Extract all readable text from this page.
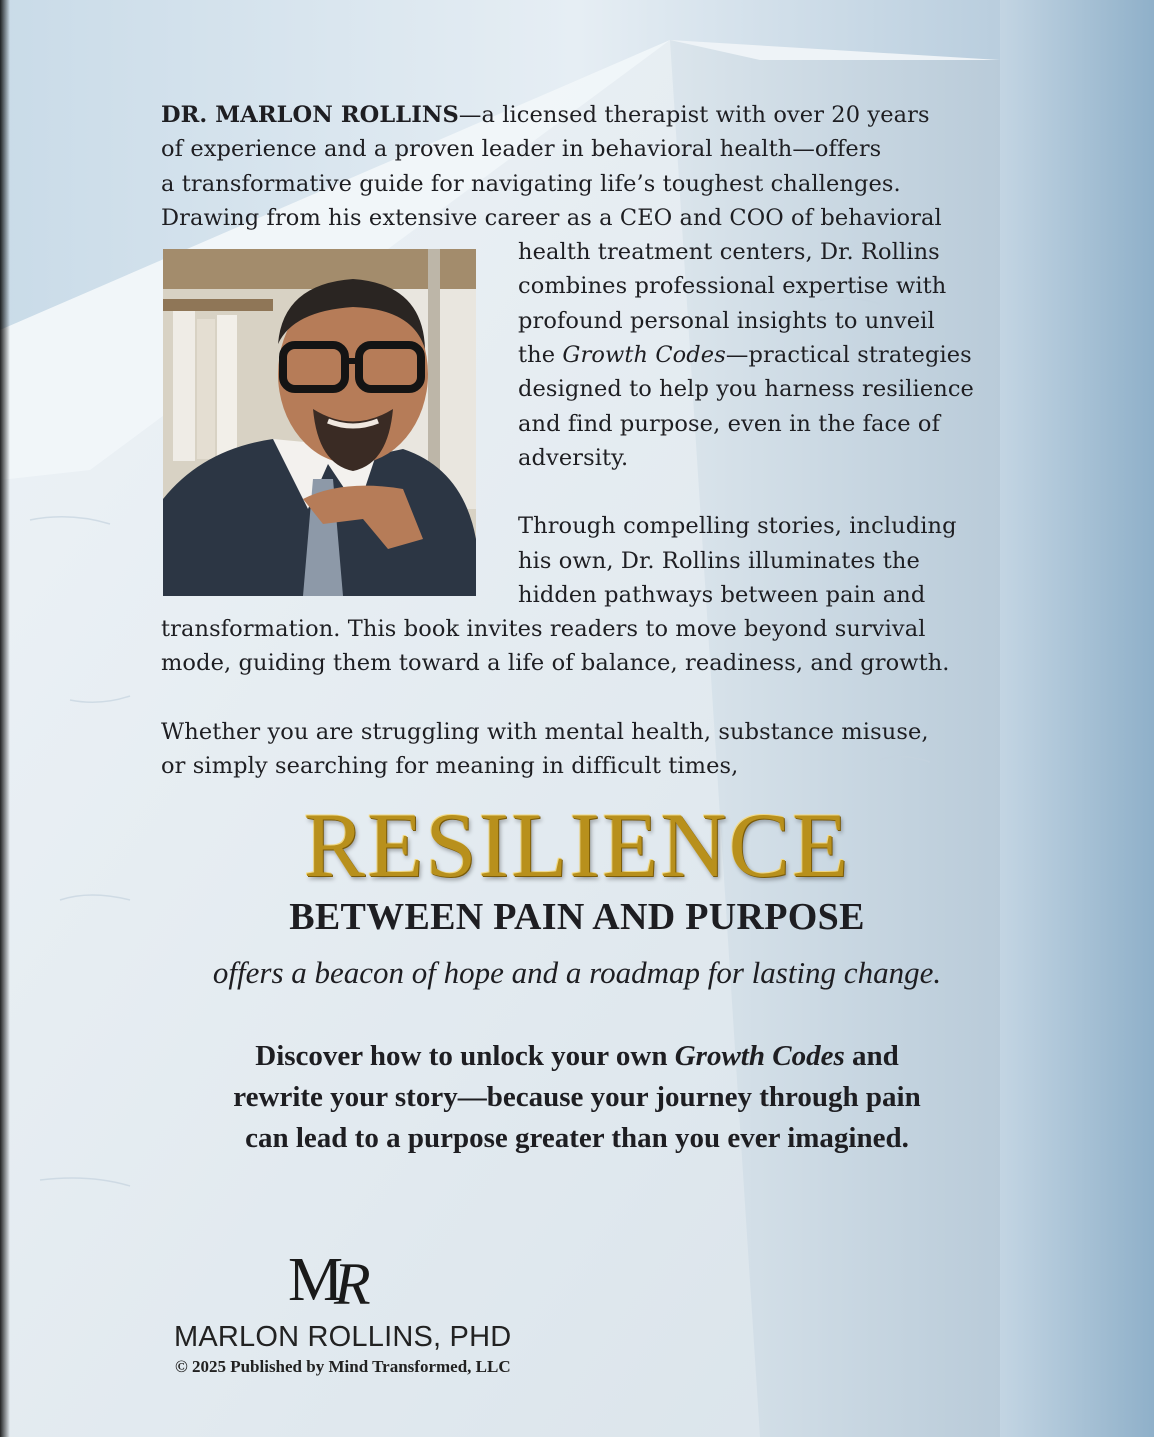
DR. MARLON ROLLINS—a licensed therapist with over 20 years
of experience and a proven leader in behavioral health—offers
a transformative guide for navigating life’s toughest challenges.
Drawing from his extensive career as a CEO and COO of behavioral
health treatment centers, Dr. Rollins
combines professional expertise with
profound personal insights to unveil
the Growth Codes—practical strategies
designed to help you harness resilience
and find purpose, even in the face of
adversity.
Through compelling stories, including
his own, Dr. Rollins illuminates the
hidden pathways between pain and
transformation. This book invites readers to move beyond survival
mode, guiding them toward a life of balance, readiness, and growth.
Whether you are struggling with mental health, substance misuse,
or simply searching for meaning in difficult times,
RESILIENCE
BETWEEN PAIN AND PURPOSE
offers a beacon of hope and a roadmap for lasting change.
Discover how to unlock your own Growth Codes and
rewrite your story—because your journey through pain
can lead to a purpose greater than you ever imagined.
M
R
MARLON ROLLINS, PHD
© 2025 Published by Mind Transformed, LLC
